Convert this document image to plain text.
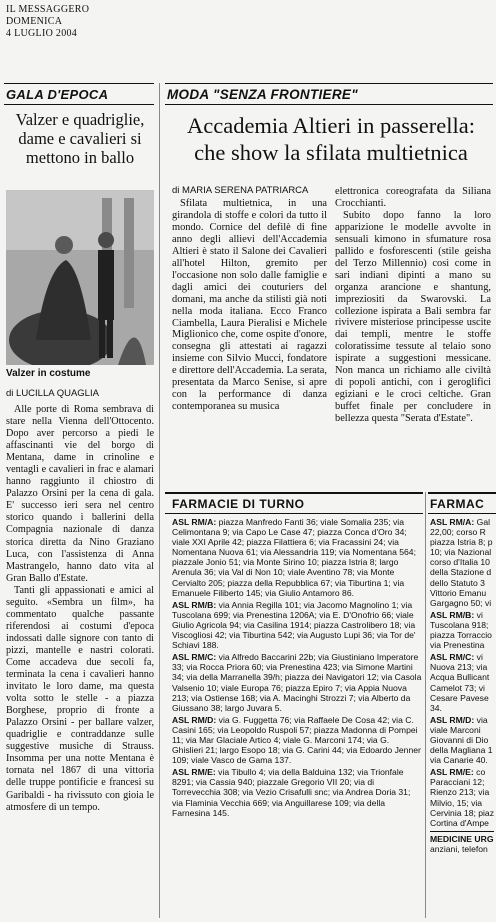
IL MESSAGGERO
DOMENICA
4 LUGLIO 2004
GALA D'EPOCA
Valzer e quadriglie, dame e cavalieri si mettono in ballo
Valzer in costume
di LUCILLA QUAGLIA

Alle porte di Roma sembrava di stare nella Vienna dell'Ottocento. Dopo aver percorso a piedi le affascinanti vie del borgo di Mentana, dame in crinoline e ventagli e cavalieri in frac e alamari hanno raggiunto il chiostro di Palazzo Orsini per la cena di gala. E' successo ieri sera nel centro storico quando i ballerini della Compagnia nazionale di danza storica diretta da Nino Graziano Luca, con l'assistenza di Anna Mastrangelo, hanno dato vita al Gran Ballo d'Estate.

Tanti gli appassionati e amici al seguito. «Sembra un film», ha commentato qualche passante riferendosi ai costumi d'epoca indossati dalle signore con tanto di pizzi, mantelle e nastri colorati. Come accadeva due secoli fa, terminata la cena i cavalieri hanno invitato le loro dame, ma questa volta sotto le stelle - a piazza Borghese, proprio di fronte a Palazzo Orsini - per ballare valzer, quadriglie e contraddanze sulle suggestive musiche di Strauss. Insomma per una notte Mentana è tornata nel 1867 di una vittoria delle truppe pontificie e francesi su Garibaldi - ha rivissuto con gioia le atmosfere di un tempo.

MODA "SENZA FRONTIERE"
Accademia Altieri in passerella:
che show la sfilata multietnica
di MARIA SERENA PATRIARCA

Sfilata multietnica, in una girandola di stoffe e colori da tutto il mondo. Cornice del defilè di fine anno degli allievi dell'Accademia Altieri è stato il Salone dei Cavalieri all'hotel Hilton, gremito per l'occasione non solo dalle famiglie e dagli amici dei couturiers del domani, ma anche da stilisti già noti nella moda italiana. Ecco Franco Ciambella, Laura Pieralisi e Michele Miglionico che, come ospite d'onore, consegna gli attestati ai ragazzi insieme con Silvio Mucci, fondatore e direttore dell'Accademia. La serata, presentata da Marco Senise, si apre con la performance di danza contemporanea su musica

elettronica coreografata da Siliana Crocchianti.

Subito dopo fanno la loro apparizione le modelle avvolte in sensuali kimono in sfumature rosa pallido e fosforescenti (stile geisha del Terzo Millennio) così come in sari indiani dipinti a mano su organza arancione e shantung, impreziositi da Swarovski. La collezione ispirata a Bali sembra far rivivere misteriose principesse uscite dai templi, mentre le stoffe coloratissime tessute al telaio sono ispirate a suggestioni messicane. Non manca un richiamo alle civiltà di popoli antichi, con i geroglifici egiziani e le croci celtiche. Gran buffet finale per concludere in bellezza questa "Serata d'Estate".

FARMACIE DI TURNO	FARMAC

ASL RM/A: piazza Manfredo Fanti 36; viale Somalia 235; via Celimontana 9; via Capo Le Case 47; piazza Conca d'Oro 34; viale XXI Aprile 42; piazza Filattiera 6; via Fracassini 24; via Nomentana Nuova 61; via Alessandria 119; via Nomentana 564; piazzale Jonio 51; via Monte Sirino 10; piazza Istria 8; largo Arenula 36; via Val di Non 10; viale Aventino 78; via Monte Cervialto 205; piazza della Repubblica 67; via Tiburtina 1; via Emanuele Filiberto 145; via Giulio Antamoro 86.

ASL RM/B: via Annia Regilla 101; via Jacomo Magnolino 1; via Tuscolana 699; via Prenestina 1206A; via E. D'Onofrio 66; viale Giulio Agricola 94; via Casilina 1914; piazza Castrolibero 18; via Viscogliosi 42; via Tiburtina 542; via Augusto Lupi 36; via Tor de' Schiavi 188.

ASL RM/C: via Alfredo Baccarini 22b; via Giustiniano Imperatore 33; via Rocca Priora 60; via Prenestina 423; via Simone Martini 34; via della Marranella 39/h; piazza dei Navigatori 12; via Casola Valsenio 10; viale Europa 76; piazza Epiro 7; via Appia Nuova 213; via Ostiense 168; via A. Macinghi Strozzi 7; via Alberto da Giussano 38; largo Juvara 5.

ASL RM/D: via G. Fuggetta 76; via Raffaele De Cosa 42; via C. Casini 165; via Leopoldo Ruspoli 57; piazza Madonna di Pompei 11; via Mar Glaciale Artico 4; viale G. Marconi 174; via G. Ghislieri 21; largo Esopo 18; via G. Carini 44; via Edoardo Jenner 109; viale Vasco de Gama 137.

ASL RM/E: via Tibullo 4; via della Balduina 132; via Trionfale 8291; via Cassia 940; piazzale Gregorio VII 20; via di Torrevecchia 308; via Vezio Crisafulli snc; via Andrea Doria 31; via Flaminia Vecchia 669; via Anguillarese 109; via della Farnesina 145.

ASL RM/A: Gal 22,00; corso R piazza Istria 8; p 10; via Nazional corso d'Italia 10 della Stazione d dello Statuto 3 Vittorio Emanu Gargagno 50; vi

ASL RM/B: vi Tuscolana 918; piazza Torraccio via Prenestina

ASL RM/C: vi Nuova 213; via Acqua Bullicant Camelot 73; vi Cesare Pavese 34.

ASL RM/D: via viale Marconi Giovanni di Dio della Magliana 1 via Canarie 40.

ASL RM/E: co Paracciani 12; Rienzo 213; via Milvio, 15; via Cervinia 18; piaz Cortina d'Ampe

MEDICINE URG
anziani, telefon
